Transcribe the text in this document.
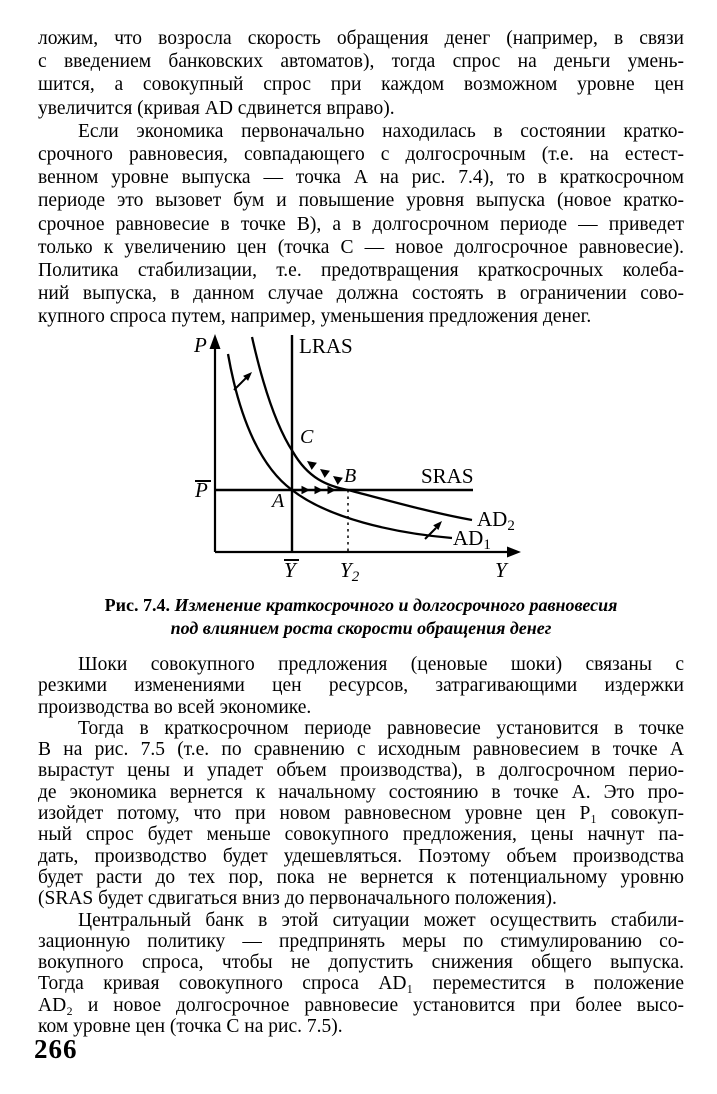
ложим, что возросла скорость обращения денег (например, в связи
с введением банковских автоматов), тогда спрос на деньги умень-
шится, а совокупный спрос при каждом возможном уровне цен
увеличится (кривая AD сдвинется вправо).
Если экономика первоначально находилась в состоянии кратко-
срочного равновесия, совпадающего с долгосрочным (т.е. на естест-
венном уровне выпуска — точка A на рис. 7.4), то в краткосрочном
периоде это вызовет бум и повышение уровня выпуска (новое кратко-
срочное равновесие в точке B), а в долгосрочном периоде — приведет
только к увеличению цен (точка C — новое долгосрочное равновесие).
Политика стабилизации, т.е. предотвращения краткосрочных колеба-
ний выпуска, в данном случае должна состоять в ограничении сово-
купного спроса путем, например, уменьшения предложения денег.
P	LRAS
SRAS
P
C
B
A
AD2
AD1
Y Y2	Y
Рис. 7.4. Изменение краткосрочного и долгосрочного равновесия
под влиянием роста скорости обращения денег
Шоки совокупного предложения (ценовые шоки) связаны с
резкими изменениями цен ресурсов, затрагивающими издержки
производства во всей экономике.
Тогда в краткосрочном периоде равновесие установится в точке
B на рис. 7.5 (т.е. по сравнению с исходным равновесием в точке A
вырастут цены и упадет объем производства), в долгосрочном перио-
де экономика вернется к начальному состоянию в точке A. Это про-
изойдет потому, что при новом равновесном уровне цен P₁ совокуп-
ный спрос будет меньше совокупного предложения, цены начнут па-
дать, производство будет удешевляться. Поэтому объем производства
будет расти до тех пор, пока не вернется к потенциальному уровню
(SRAS будет сдвигаться вниз до первоначального положения).
Центральный банк в этой ситуации может осуществить стабили-
зационную политику — предпринять меры по стимулированию со-
вокупного спроса, чтобы не допустить снижения общего выпуска.
Тогда кривая совокупного спроса AD₁ переместится в положение
AD₂ и новое долгосрочное равновесие установится при более высо-
ком уровне цен (точка C на рис. 7.5).
266
